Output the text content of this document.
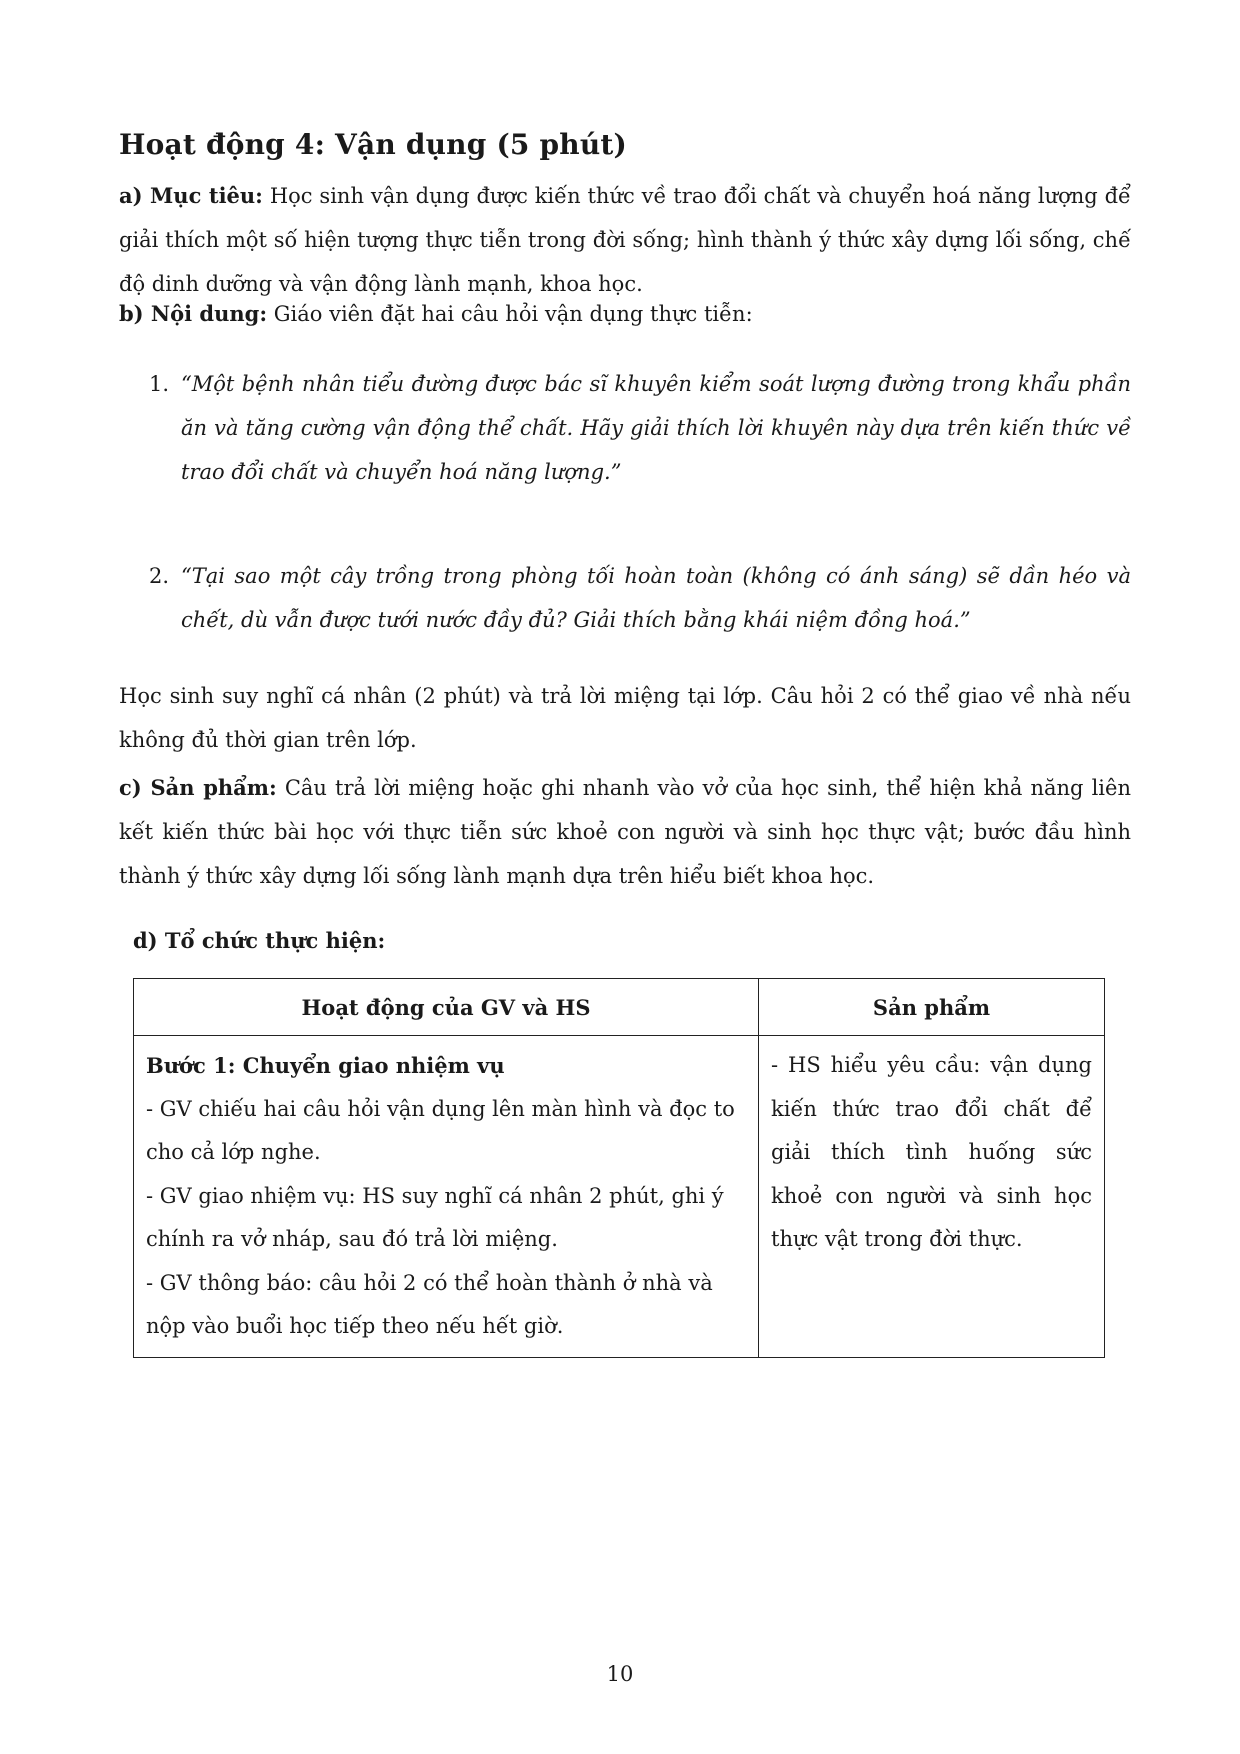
Hoạt động 4: Vận dụng (5 phút)

a) Mục tiêu: Học sinh vận dụng được kiến thức về trao đổi chất và chuyển hoá năng lượng để giải thích một số hiện tượng thực tiễn trong đời sống; hình thành ý thức xây dựng lối sống, chế độ dinh dưỡng và vận động lành mạnh, khoa học.

b) Nội dung: Giáo viên đặt hai câu hỏi vận dụng thực tiễn:

1. “Một bệnh nhân tiểu đường được bác sĩ khuyên kiểm soát lượng đường trong khẩu phần ăn và tăng cường vận động thể chất. Hãy giải thích lời khuyên này dựa trên kiến thức về trao đổi chất và chuyển hoá năng lượng.”
2. “Tại sao một cây trồng trong phòng tối hoàn toàn (không có ánh sáng) sẽ dần héo và chết, dù vẫn được tưới nước đầy đủ? Giải thích bằng khái niệm đồng hoá.”

Học sinh suy nghĩ cá nhân (2 phút) và trả lời miệng tại lớp. Câu hỏi 2 có thể giao về nhà nếu không đủ thời gian trên lớp.

c) Sản phẩm: Câu trả lời miệng hoặc ghi nhanh vào vở của học sinh, thể hiện khả năng liên kết kiến thức bài học với thực tiễn sức khoẻ con người và sinh học thực vật; bước đầu hình thành ý thức xây dựng lối sống lành mạnh dựa trên hiểu biết khoa học.

d) Tổ chức thực hiện:

Hoạt động của GV và HS	Sản phẩm

Bước 1: Chuyển giao nhiệm vụ
- GV chiếu hai câu hỏi vận dụng lên màn hình và đọc to cho cả lớp nghe.
- GV giao nhiệm vụ: HS suy nghĩ cá nhân 2 phút, ghi ý chính ra vở nháp, sau đó trả lời miệng.
- GV thông báo: câu hỏi 2 có thể hoàn thành ở nhà và nộp vào buổi học tiếp theo nếu hết giờ.	- HS hiểu yêu cầu: vận dụng kiến thức trao đổi chất để giải thích tình huống sức khoẻ con người và sinh học thực vật trong đời thực.
10
